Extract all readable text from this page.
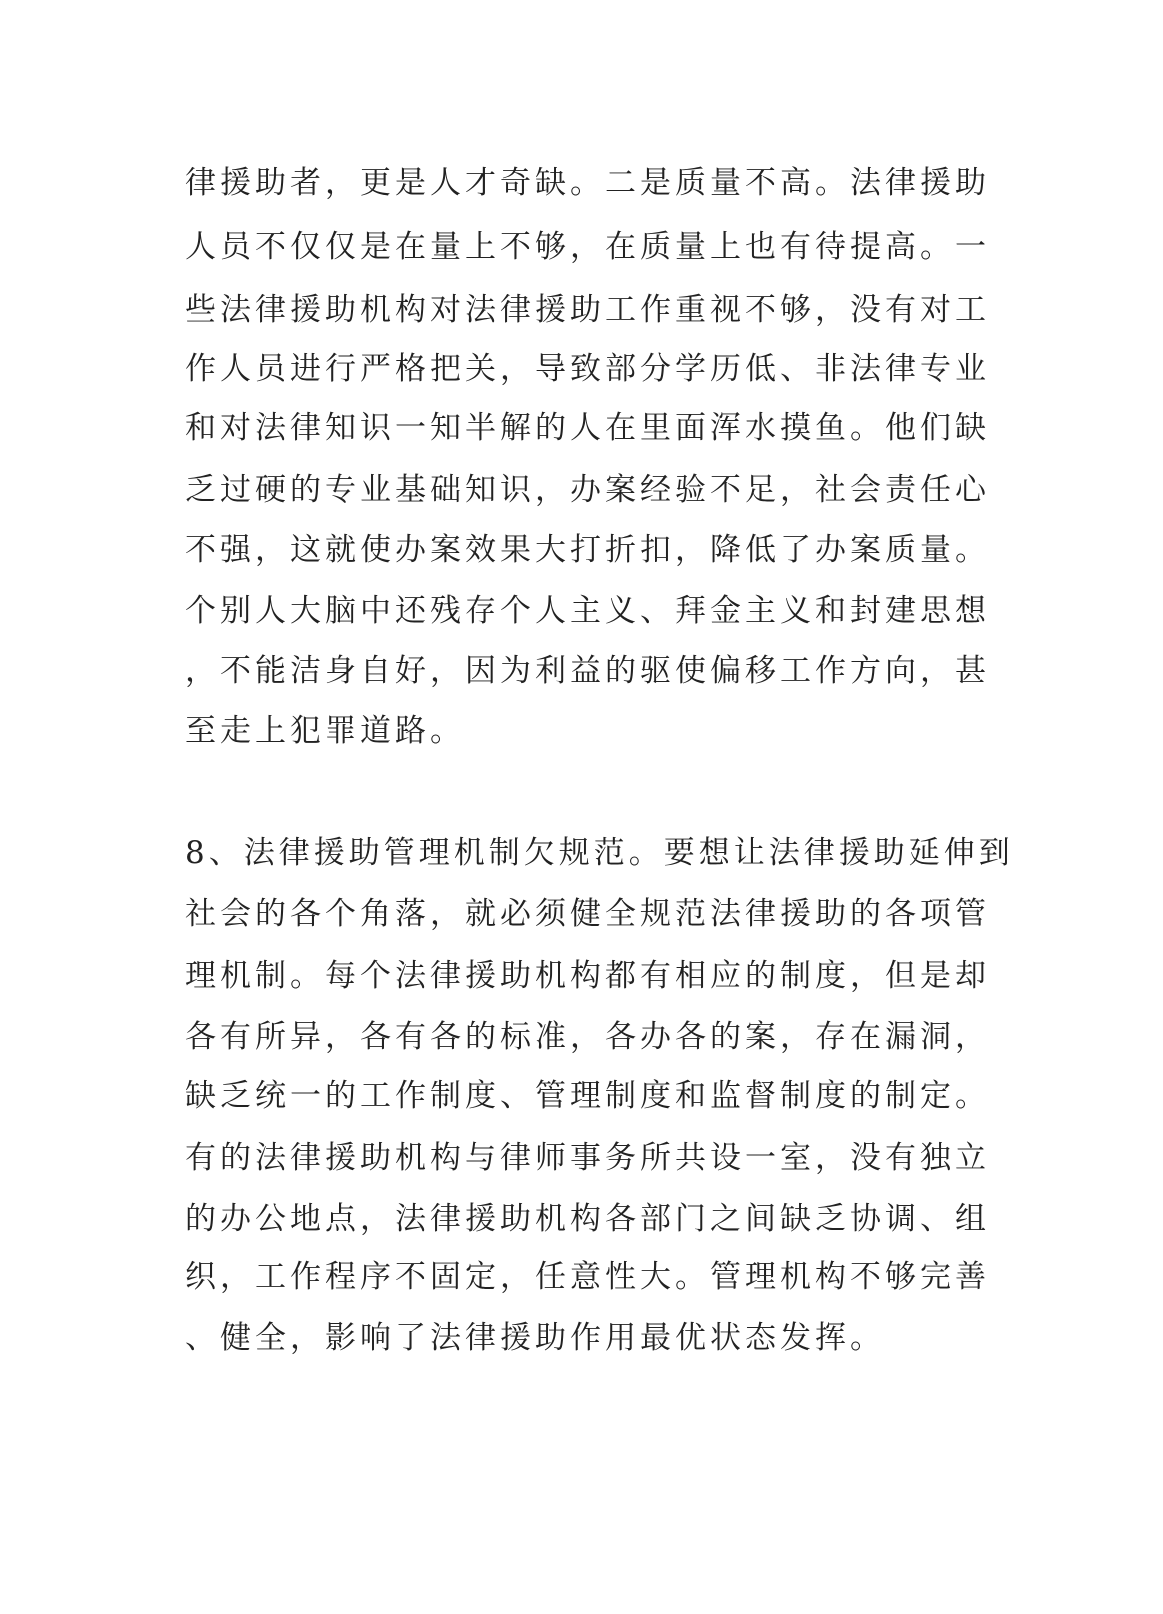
律援助者，更是人才奇缺。二是质量不高。法律援助
人员不仅仅是在量上不够，在质量上也有待提高。一
些法律援助机构对法律援助工作重视不够，没有对工
作人员进行严格把关，导致部分学历低、非法律专业
和对法律知识一知半解的人在里面浑水摸鱼。他们缺
乏过硬的专业基础知识，办案经验不足，社会责任心
不强，这就使办案效果大打折扣，降低了办案质量。
个别人大脑中还残存个人主义、拜金主义和封建思想
，不能洁身自好，因为利益的驱使偏移工作方向，甚
至走上犯罪道路。
8、法律援助管理机制欠规范。要想让法律援助延伸到
社会的各个角落，就必须健全规范法律援助的各项管
理机制。每个法律援助机构都有相应的制度，但是却
各有所异，各有各的标准，各办各的案，存在漏洞，
缺乏统一的工作制度、管理制度和监督制度的制定。
有的法律援助机构与律师事务所共设一室，没有独立
的办公地点，法律援助机构各部门之间缺乏协调、组
织，工作程序不固定，任意性大。管理机构不够完善
、健全，影响了法律援助作用最优状态发挥。
